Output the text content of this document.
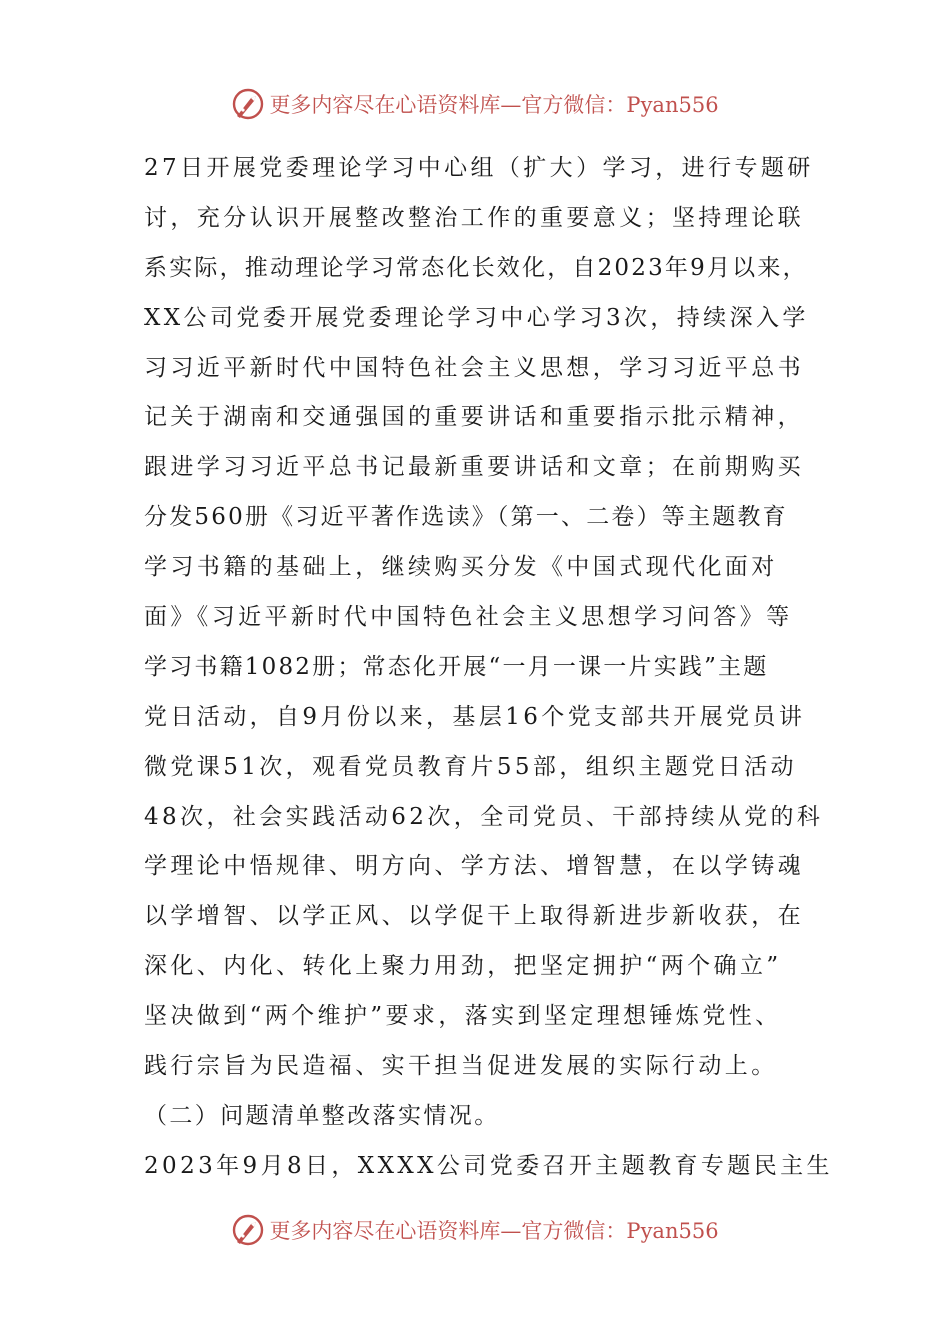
更多内容尽在心语资料库—官方微信：Pyan556
27日开展党委理论学习中心组（扩大）学习，进行专题研
讨，充分认识开展整改整治工作的重要意义；坚持理论联
系实际，推动理论学习常态化长效化，自2023年9月以来，
XX公司党委开展党委理论学习中心学习3次，持续深入学
习习近平新时代中国特色社会主义思想，学习习近平总书
记关于湖南和交通强国的重要讲话和重要指示批示精神，
跟进学习习近平总书记最新重要讲话和文章；在前期购买
分发560册《习近平著作选读》（第一、二卷）等主题教育
学习书籍的基础上，继续购买分发《中国式现代化面对
面》《习近平新时代中国特色社会主义思想学习问答》等
学习书籍1082册；常态化开展“一月一课一片实践”主题
党日活动，自9月份以来，基层16个党支部共开展党员讲
微党课51次，观看党员教育片55部，组织主题党日活动
48次，社会实践活动62次，全司党员、干部持续从党的科
学理论中悟规律、明方向、学方法、增智慧，在以学铸魂
以学增智、以学正风、以学促干上取得新进步新收获，在
深化、内化、转化上聚力用劲，把坚定拥护“两个确立”
坚决做到“两个维护”要求，落实到坚定理想锤炼党性、
践行宗旨为民造福、实干担当促进发展的实际行动上。
（二）问题清单整改落实情况。
2023年9月8日，XXXX公司党委召开主题教育专题民主生
更多内容尽在心语资料库—官方微信：Pyan556
